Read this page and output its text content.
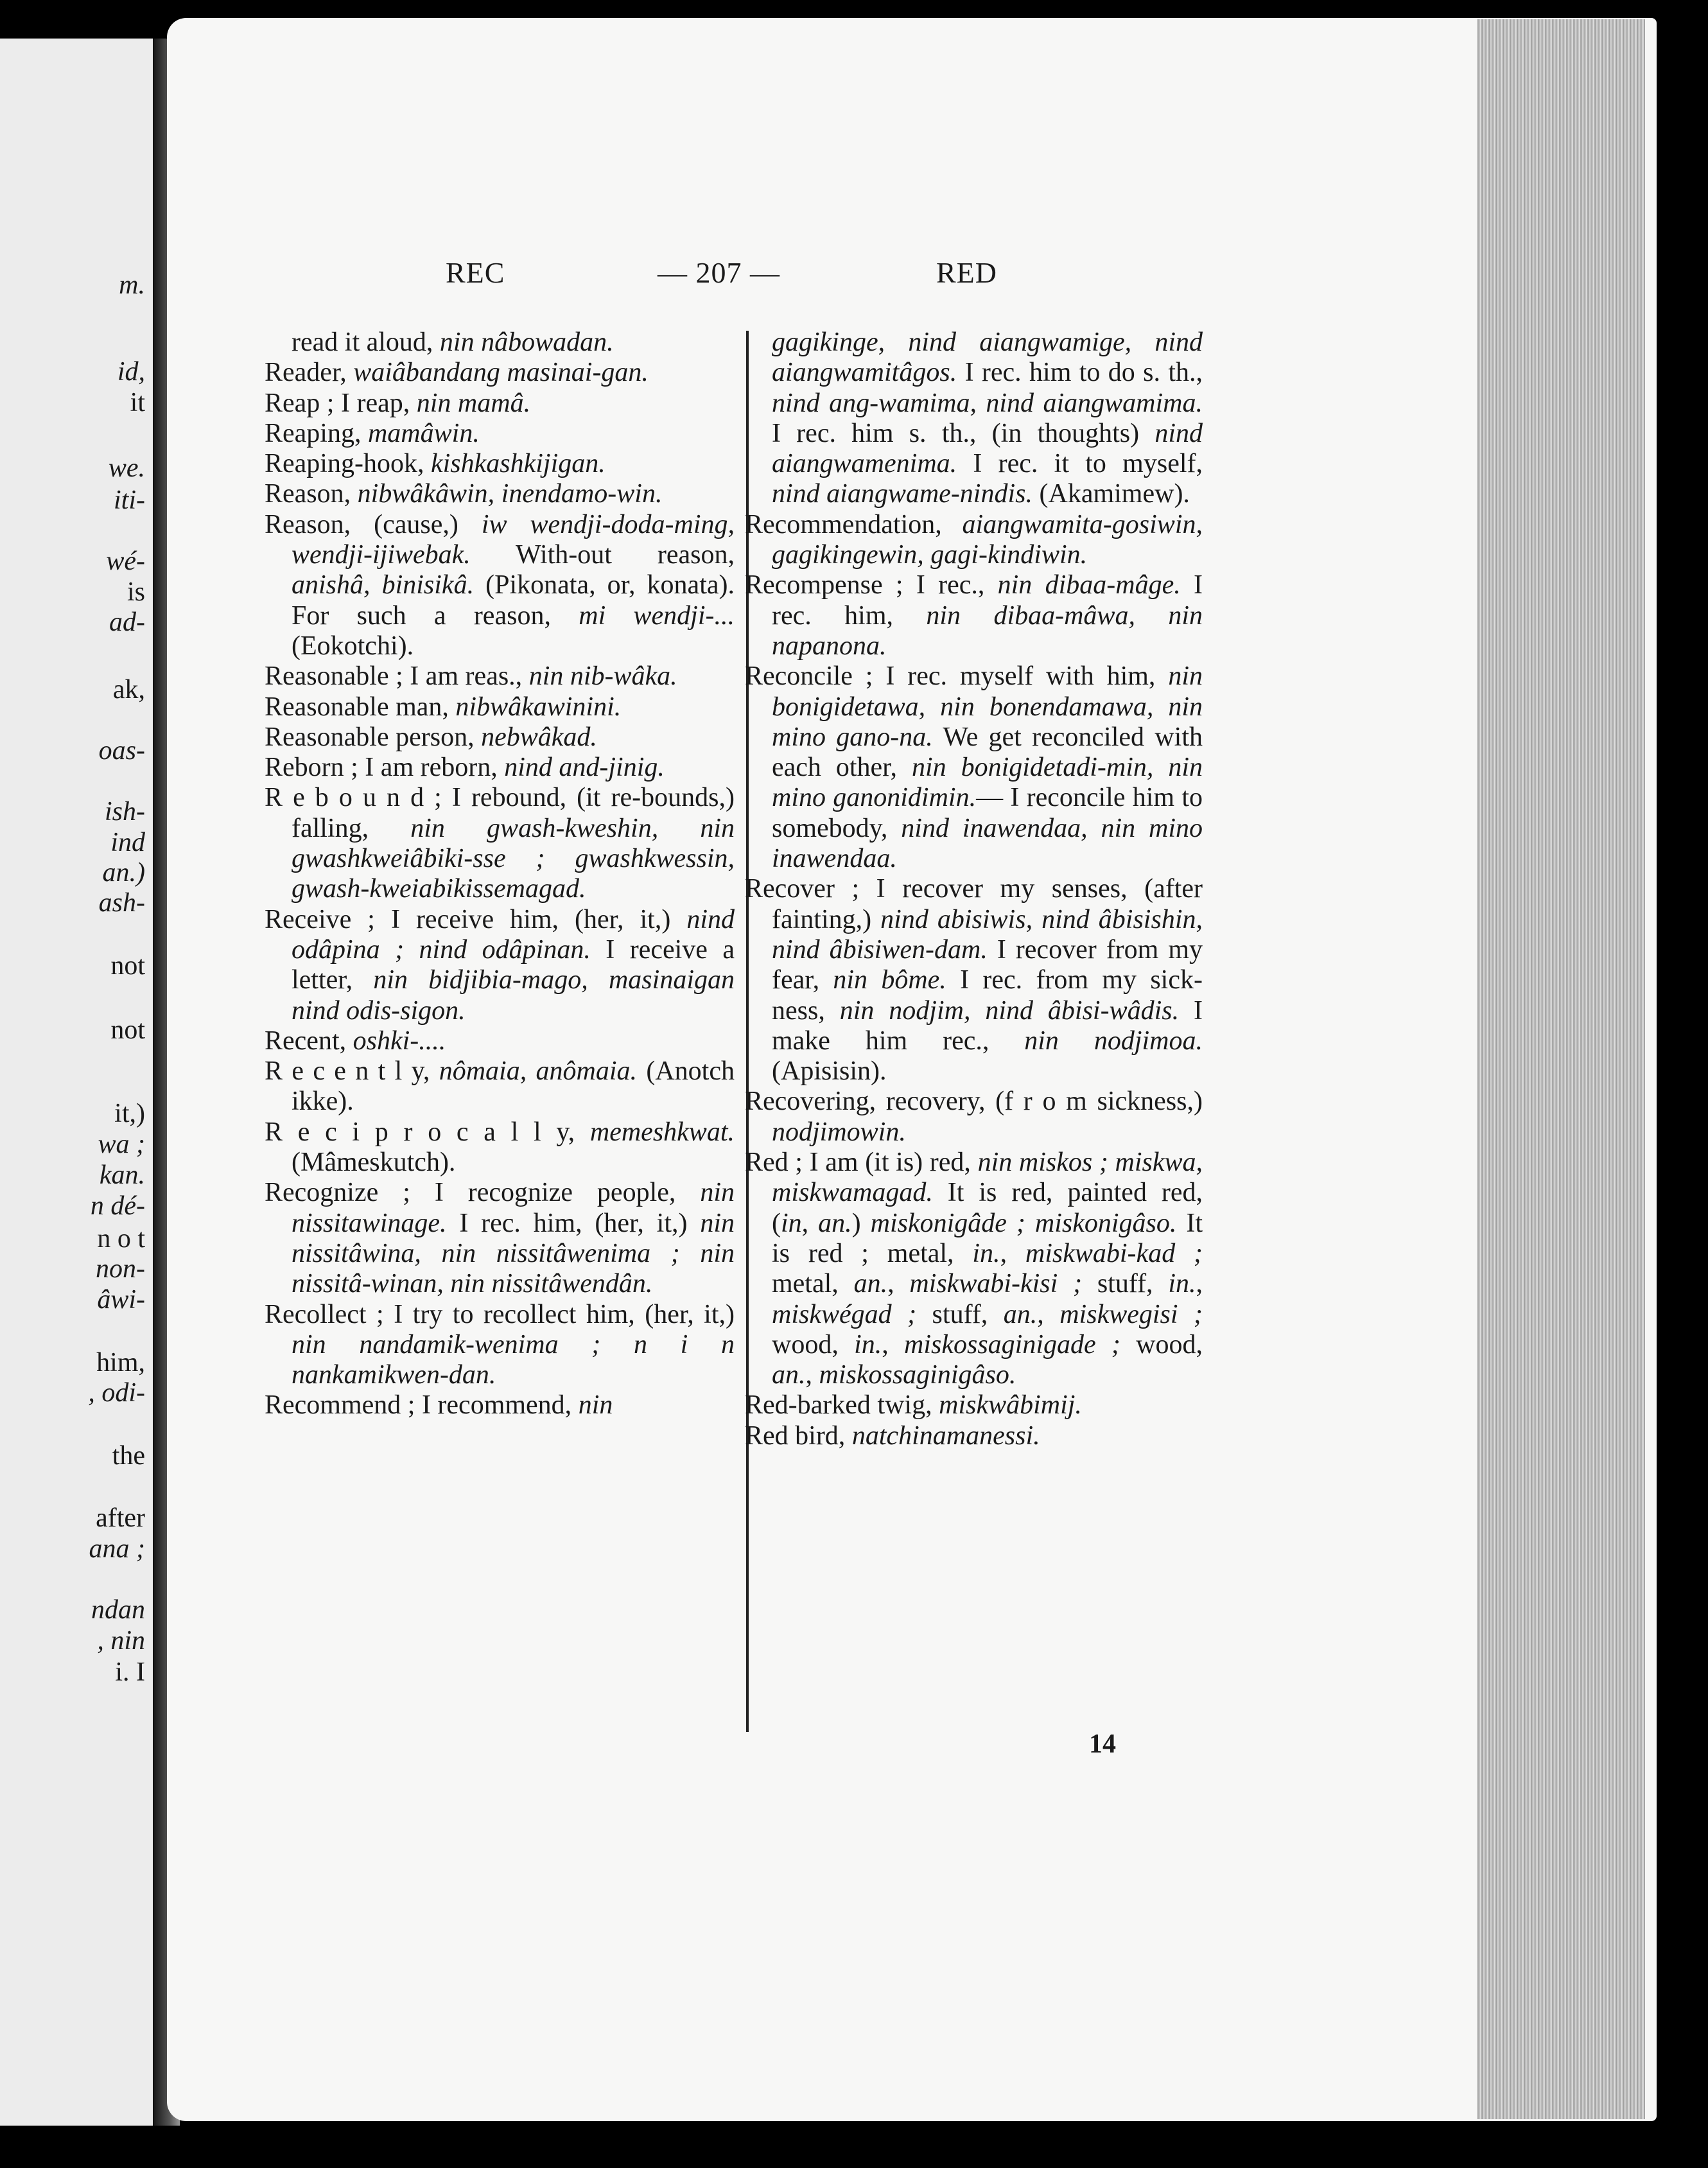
m.
id,
it
we.
iti-
wé-
is
ad-
ak,
oas-
ish-
ind
an.)
ash-
not
not
it,)
wa ;
kan.
n dé-
n o t
non-
âwi-
him,
, odi-
the
after
ana ;
ndan
, nin
i. I
REC	— 207 —	RED

read it aloud, nin nâbowadan.

Reader, waiâbandang masinai-gan.

Reap ; I reap, nin mamâ.

Reaping, mamâwin.

Reaping-hook, kishkashkijigan.

Reason, nibwâkâwin, inendamo-win.

Reason, (cause,) iw wendji-doda-ming, wendji-ijiwebak. With-out reason, anishâ, binisikâ. (Pikonata, or, konata). For such a reason, mi wendji-... (Eokotchi).

Reasonable ; I am reas., nin nib-wâka.

Reasonable man, nibwâkawinini.

Reasonable person, nebwâkad.

Reborn ; I am reborn, nind and-jinig.

R e b o u n d ; I rebound, (it re-bounds,) falling, nin gwash-kweshin, nin gwashkweiâbiki-sse ; gwashkwessin, gwash-kweiabikissemagad.

Receive ; I receive him, (her, it,) nind odâpina ; nind odâpinan. I receive a letter, nin bidjibia-mago, masinaigan nind odis-sigon.

Recent, oshki-....

R e c e n t l y, nômaia, anômaia. (Anotch ikke).

R e c i p r o c a l l y, memeshkwat. (Mâmeskutch).

Recognize ; I recognize people, nin nissitawinage. I rec. him, (her, it,) nin nissitâwina, nin nissitâwenima ; nin nissitâ-winan, nin nissitâwendân.

Recollect ; I try to recollect him, (her, it,) nin nandamik-wenima ; n i n nankamikwen-dan.

Recommend ; I recommend, nin

gagikinge, nind aiangwamige, nind aiangwamitâgos. I rec. him to do s. th., nind ang-wamima, nind aiangwamima. I rec. him s. th., (in thoughts) nind aiangwamenima. I rec. it to myself, nind aiangwame-nindis. (Akamimew).

Recommendation, aiangwamita-gosiwin, gagikingewin, gagi-kindiwin.

Recompense ; I rec., nin dibaa-mâge. I rec. him, nin dibaa-mâwa, nin napanona.

Reconcile ; I rec. myself with him, nin bonigidetawa, nin bonendamawa, nin mino gano-na. We get reconciled with each other, nin bonigidetadi-min, nin mino ganonidimin.— I reconcile him to somebody, nind inawendaa, nin mino inawendaa.

Recover ; I recover my senses, (after fainting,) nind abisiwis, nind âbisishin, nind âbisiwen-dam. I recover from my fear, nin bôme. I rec. from my sick-ness, nin nodjim, nind âbisi-wâdis. I make him rec., nin nodjimoa. (Apisisin).

Recovering, recovery, (f r o m sickness,) nodjimowin.

Red ; I am (it is) red, nin miskos ; miskwa, miskwamagad. It is red, painted red, (in, an.) miskonigâde ; miskonigâso. It is red ; metal, in., miskwabi-kad ; metal, an., miskwabi-kisi ; stuff, in., miskwégad ; stuff, an., miskwegisi ; wood, in., miskossaginigade ; wood, an., miskossaginigâso.

Red-barked twig, miskwâbimij.

Red bird, natchinamanessi.

14
